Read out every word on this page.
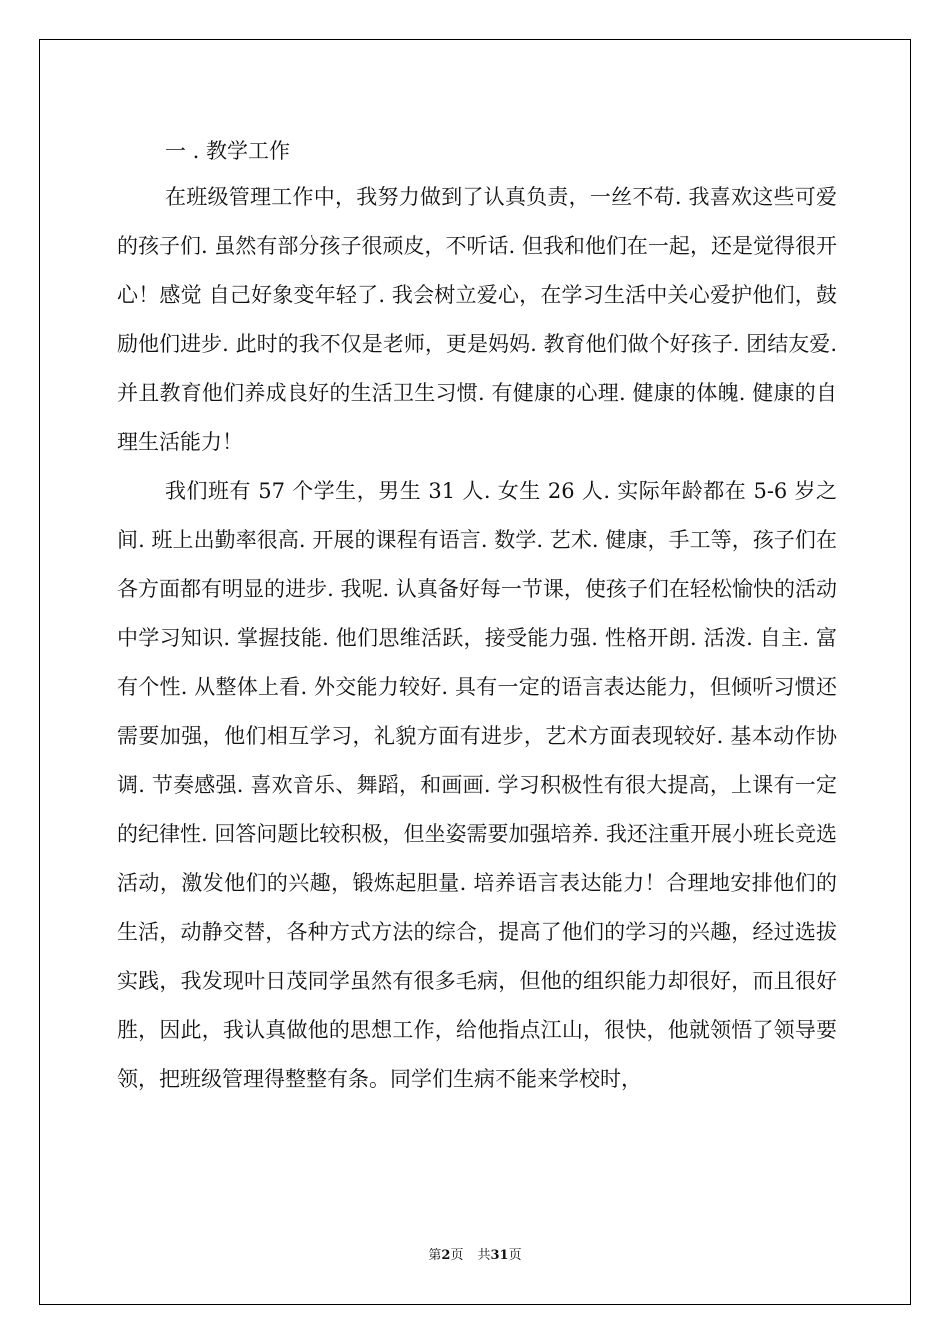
一 . 教学工作

在班级管理工作中，我努力做到了认真负责，一丝不苟. 我喜欢这些可爱的孩子们. 虽然有部分孩子很顽皮，不听话. 但我和他们在一起，还是觉得很开心！感觉 自己好象变年轻了. 我会树立爱心，在学习生活中关心爱护他们，鼓励他们进步. 此时的我不仅是老师，更是妈妈. 教育他们做个好孩子. 团结友爱. 并且教育他们养成良好的生活卫生习惯. 有健康的心理. 健康的体魄. 健康的自理生活能力！

我们班有 57 个学生，男生 31 人. 女生 26 人. 实际年龄都在 5-6 岁之间. 班上出勤率很高. 开展的课程有语言. 数学. 艺术. 健康，手工等，孩子们在各方面都有明显的进步. 我呢. 认真备好每一节课，使孩子们在轻松愉快的活动中学习知识. 掌握技能. 他们思维活跃，接受能力强. 性格开朗. 活泼. 自主. 富有个性. 从整体上看. 外交能力较好. 具有一定的语言表达能力，但倾听习惯还需要加强，他们相互学习，礼貌方面有进步，艺术方面表现较好. 基本动作协调. 节奏感强. 喜欢音乐、舞蹈，和画画. 学习积极性有很大提高，上课有一定的纪律性. 回答问题比较积极，但坐姿需要加强培养. 我还注重开展小班长竞选活动，激发他们的兴趣，锻炼起胆量. 培养语言表达能力！合理地安排他们的生活，动静交替，各种方式方法的综合，提高了他们的学习的兴趣，经过选拔实践，我发现叶日茂同学虽然有很多毛病，但他的组织能力却很好，而且很好胜，因此，我认真做他的思想工作，给他指点江山，很快，他就领悟了领导要领，把班级管理得整整有条。同学们生病不能来学校时，

第2页 共31页
